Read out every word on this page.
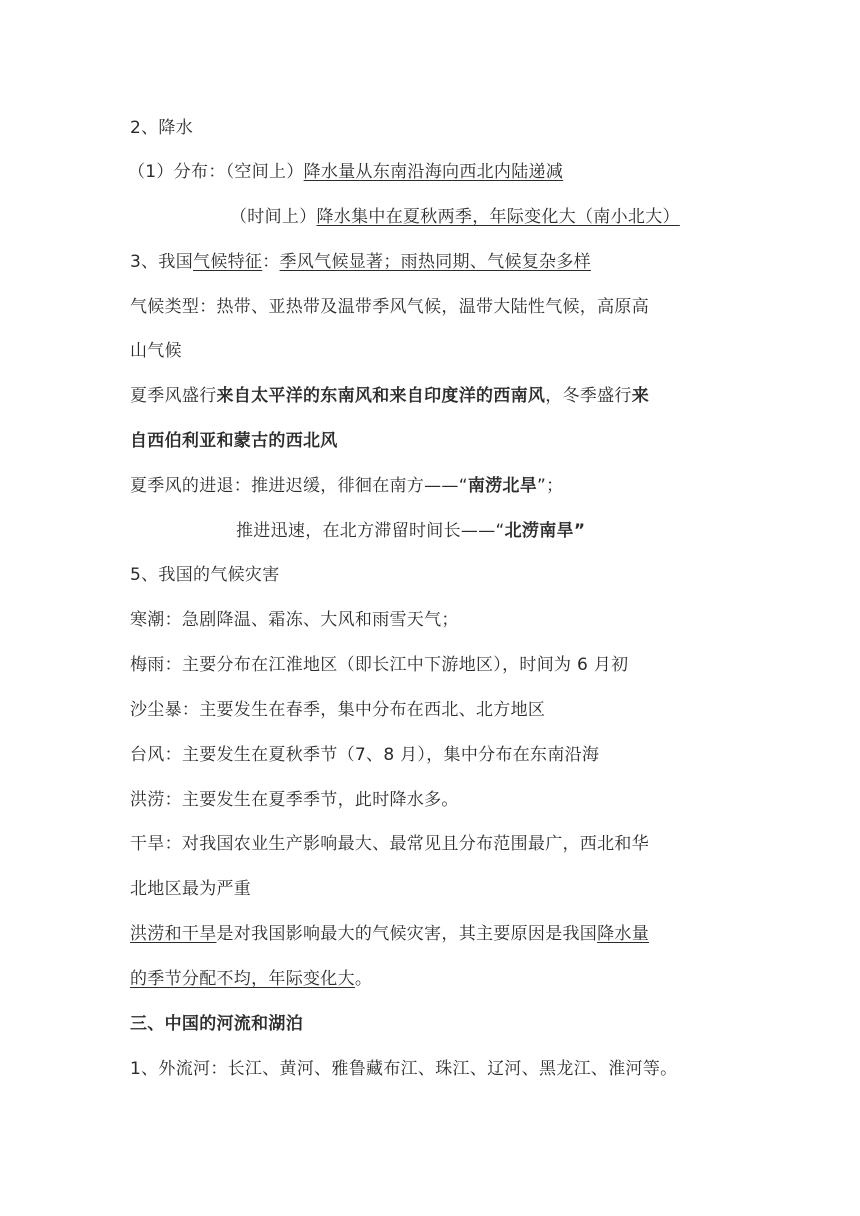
2、降水
（1）分布：（空间上）降水量从东南沿海向西北内陆递减
（时间上）降水集中在夏秋两季，年际变化大（南小北大）
3、我国气候特征：季风气候显著；雨热同期、气候复杂多样
气候类型：热带、亚热带及温带季风气候，温带大陆性气候，高原高
山气候
夏季风盛行来自太平洋的东南风和来自印度洋的西南风，冬季盛行来
自西伯利亚和蒙古的西北风
夏季风的进退：推进迟缓，徘徊在南方——“南涝北旱”；
推进迅速，在北方滞留时间长——“北涝南旱”
5、我国的气候灾害
寒潮：急剧降温、霜冻、大风和雨雪天气；
梅雨：主要分布在江淮地区（即长江中下游地区），时间为 6 月初
沙尘暴：主要发生在春季，集中分布在西北、北方地区
台风：主要发生在夏秋季节（7、8 月），集中分布在东南沿海
洪涝：主要发生在夏季季节，此时降水多。
干旱：对我国农业生产影响最大、最常见且分布范围最广，西北和华
北地区最为严重
洪涝和干旱是对我国影响最大的气候灾害，其主要原因是我国降水量
的季节分配不均，年际变化大。
三、中国的河流和湖泊
1、外流河：长江、黄河、雅鲁藏布江、珠江、辽河、黑龙江、淮河等。
